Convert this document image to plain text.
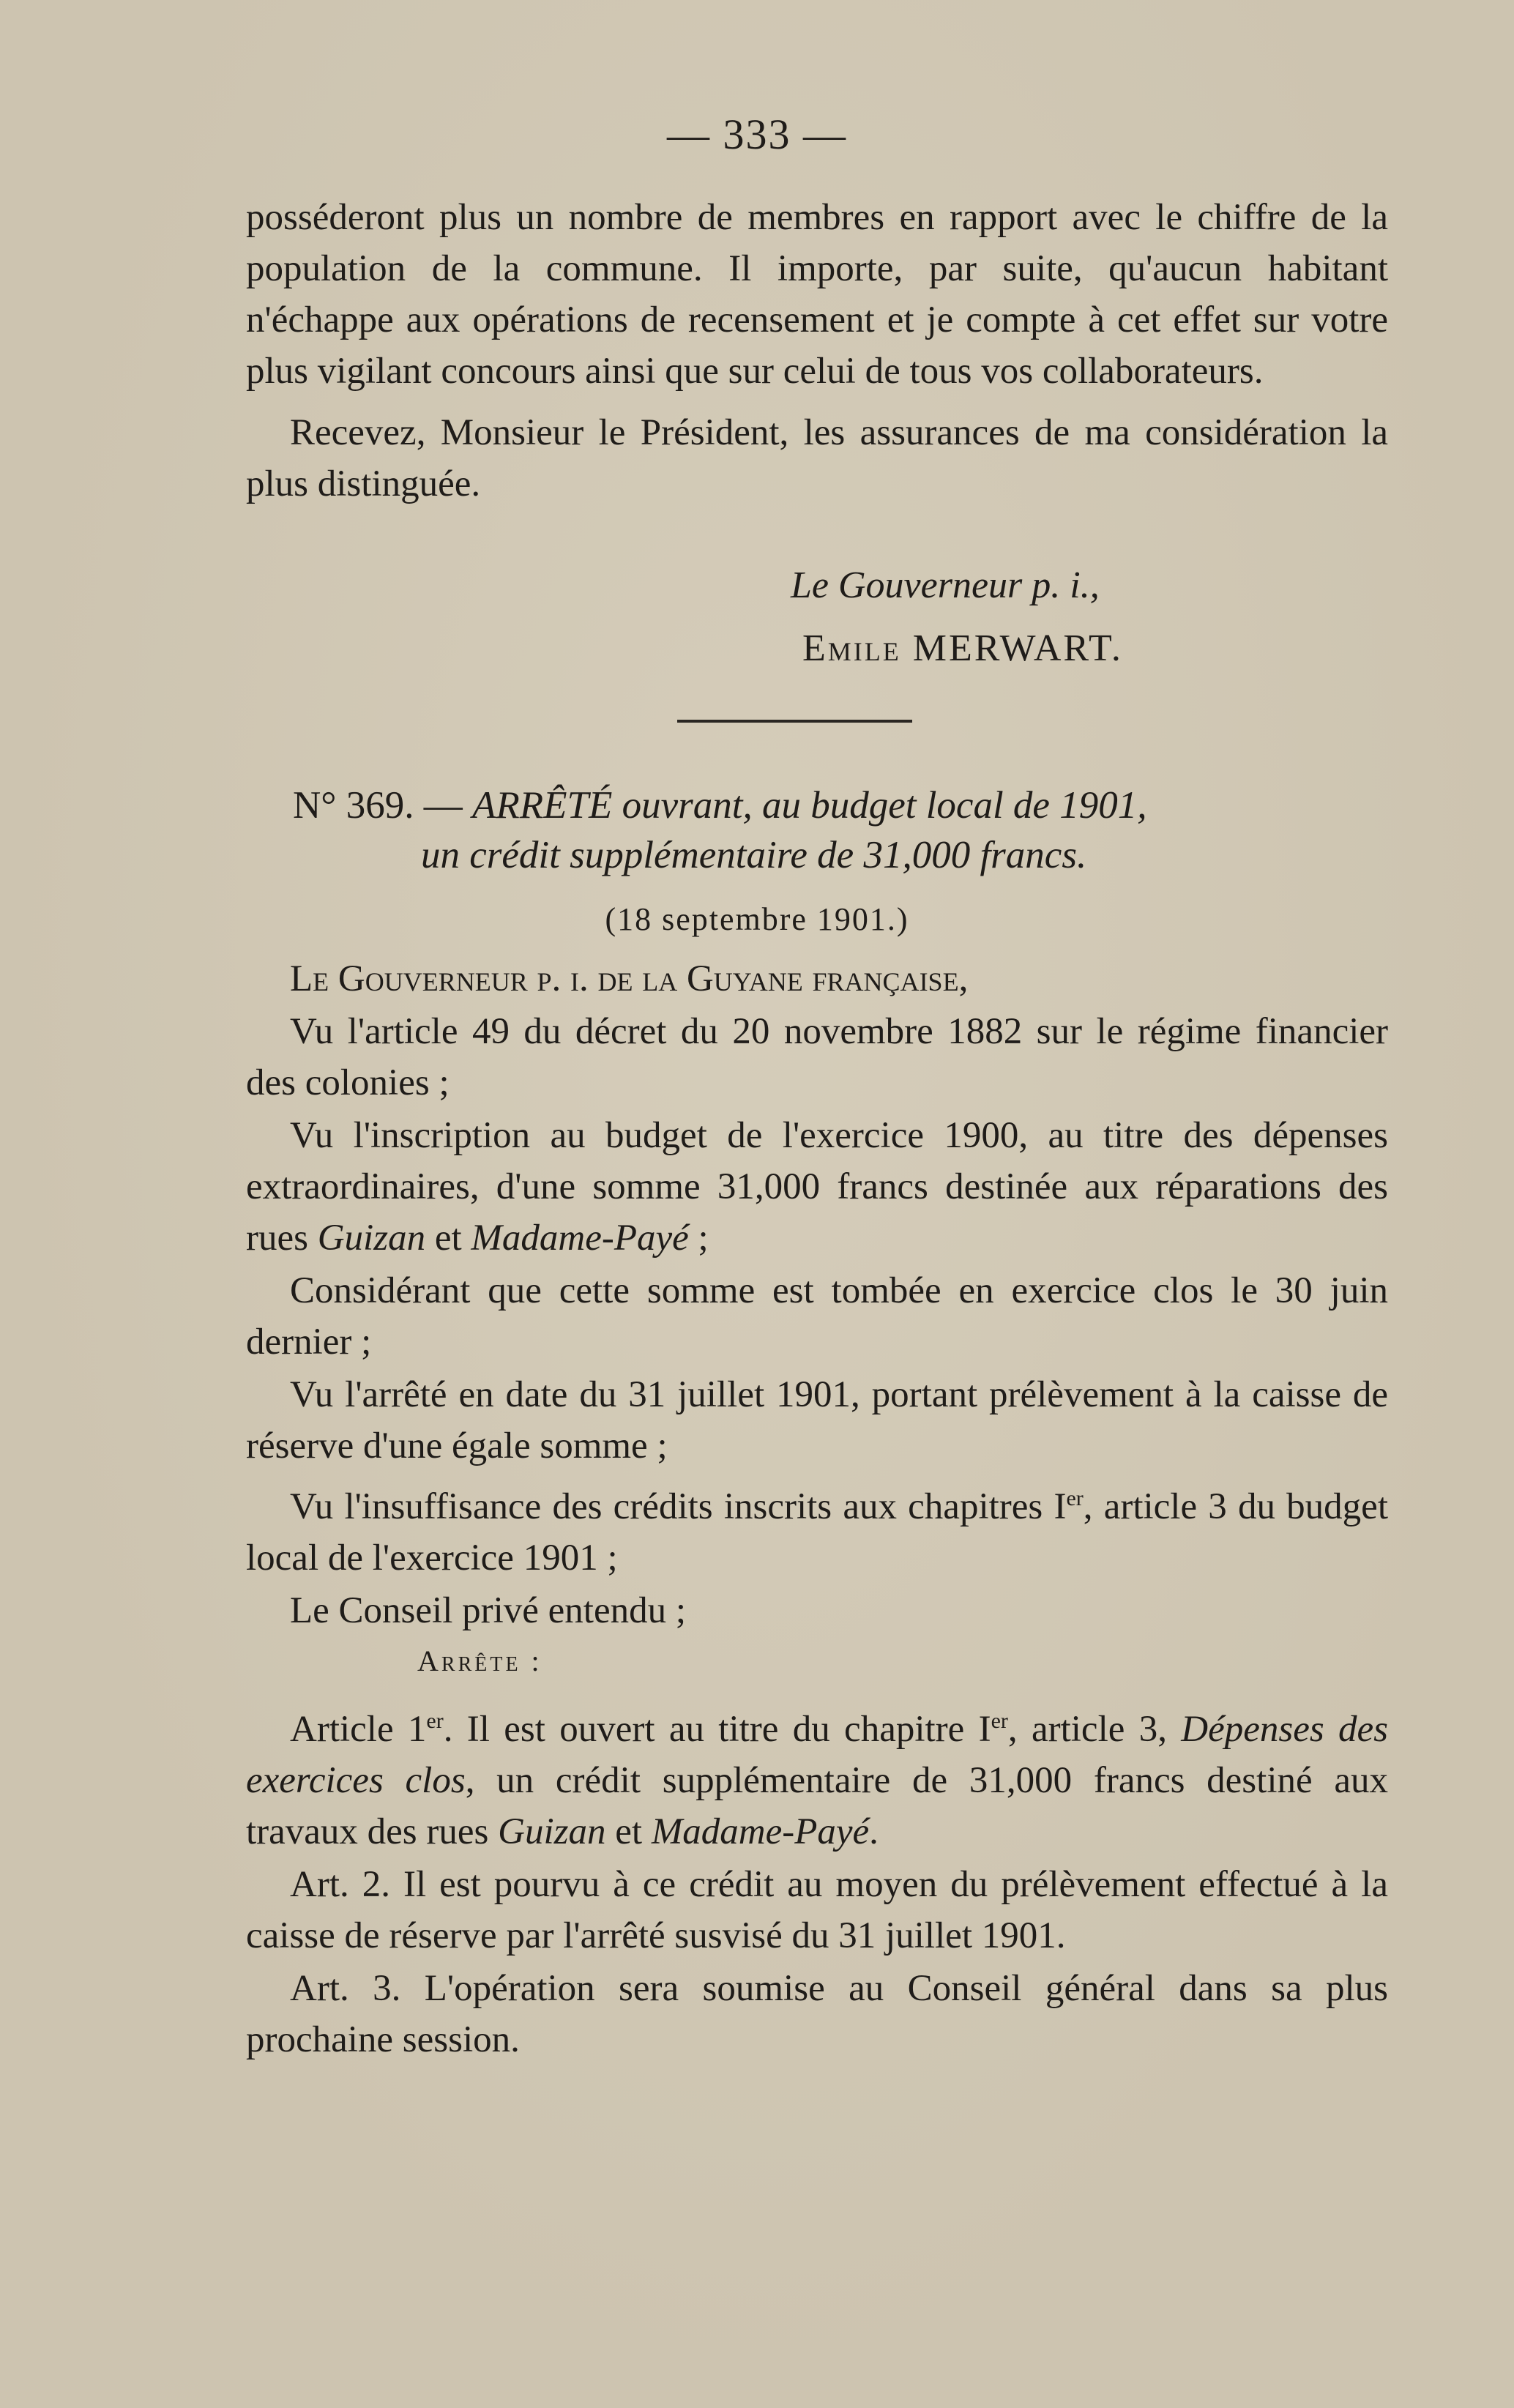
— 333 —

posséderont plus un nombre de membres en rapport avec le chiffre de la population de la commune. Il importe, par suite, qu'aucun habitant n'échappe aux opérations de recensement et je compte à cet effet sur votre plus vigilant concours ainsi que sur celui de tous vos collaborateurs.

Recevez, Monsieur le Président, les assurances de ma considération la plus distinguée.

Le Gouverneur p. i.,
Emile MERWART.
N° 369. — ARRÊTÉ ouvrant, au budget local de 1901,
un crédit supplémentaire de 31,000 francs.
(18 septembre 1901.)

Le Gouverneur p. i. de la Guyane française,

Vu l'article 49 du décret du 20 novembre 1882 sur le régime financier des colonies ;

Vu l'inscription au budget de l'exercice 1900, au titre des dépenses extraordinaires, d'une somme 31,000 francs destinée aux réparations des rues Guizan et Madame-Payé ;

Considérant que cette somme est tombée en exercice clos le 30 juin dernier ;

Vu l'arrêté en date du 31 juillet 1901, portant prélèvement à la caisse de réserve d'une égale somme ;

Vu l'insuffisance des crédits inscrits aux chapitres Ier, article 3 du budget local de l'exercice 1901 ;

Le Conseil privé entendu ;

Arrête :

Article 1er. Il est ouvert au titre du chapitre Ier, article 3, Dépenses des exercices clos, un crédit supplémentaire de 31,000 francs destiné aux travaux des rues Guizan et Madame-Payé.

Art. 2. Il est pourvu à ce crédit au moyen du prélèvement effectué à la caisse de réserve par l'arrêté susvisé du 31 juillet 1901.

Art. 3. L'opération sera soumise au Conseil général dans sa plus prochaine session.
